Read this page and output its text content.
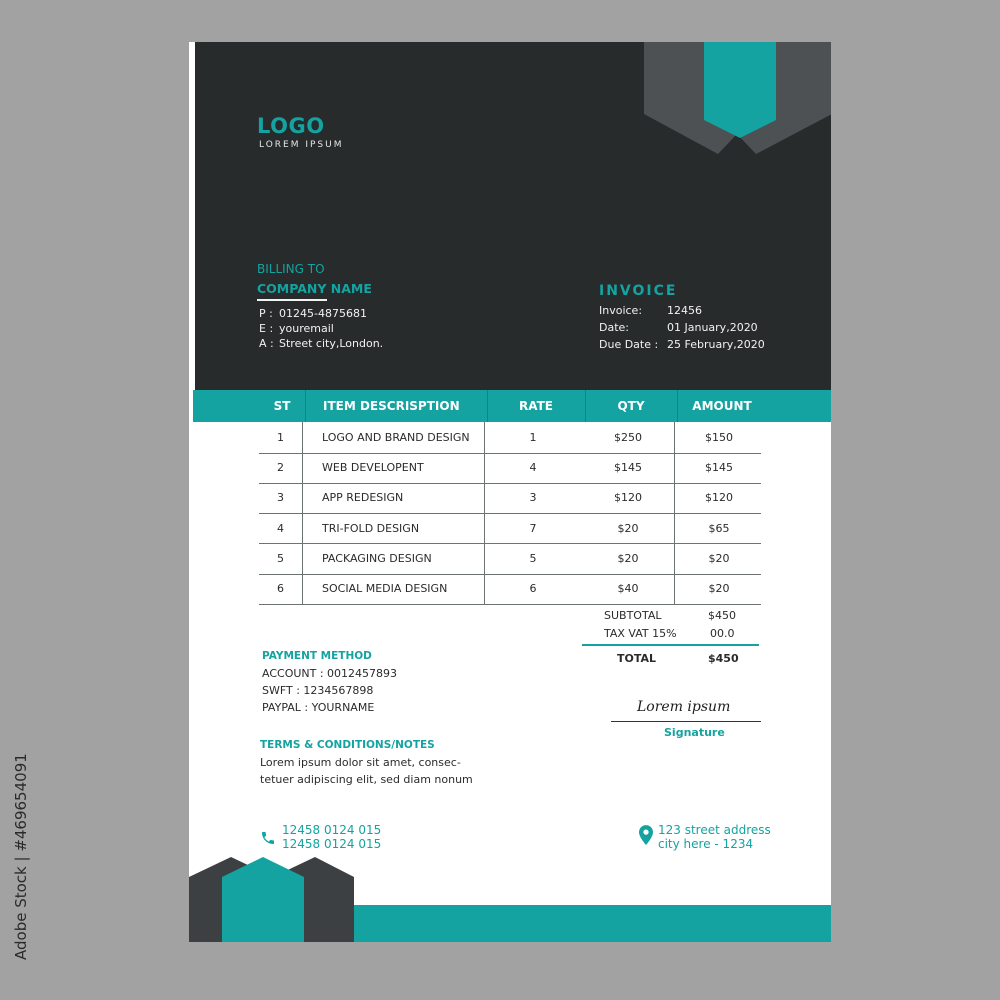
LOGO
LOREM IPSUM
BILLING TO
COMPANY NAME
P : 01245-4875681
E : youremail
A : Street city,London.
INVOICE
Invoice: 12456
Date:	01 January,2020
Due Date : 25 February,2020
ST	ITEM DESCRISPTION	RATE	QTY	AMOUNT
1	LOGO AND BRAND DESIGN	1	$250	$150
2	WEB DEVELOPENT	4	$145	$145
3	APP REDESIGN	3	$120	$120
4	TRI-FOLD DESIGN	7	$20	$65
5	PACKAGING DESIGN	5	$20	$20
6	SOCIAL MEDIA DESIGN	6	$40	$20
SUBTOTAL	$450
TAX VAT 15%	00.0
TOTAL	$450
PAYMENT METHOD
ACCOUNT : 0012457893
SWFT : 1234567898
PAYPAL : YOURNAME
TERMS & CONDITIONS/NOTES
Lorem ipsum dolor sit amet, consec-
tetuer adipiscing elit, sed diam nonum
Lorem ipsum
Signature
12458 0124 015
12458 0124 015
123 street address
city here - 1234
Adobe Stock | #469654091
